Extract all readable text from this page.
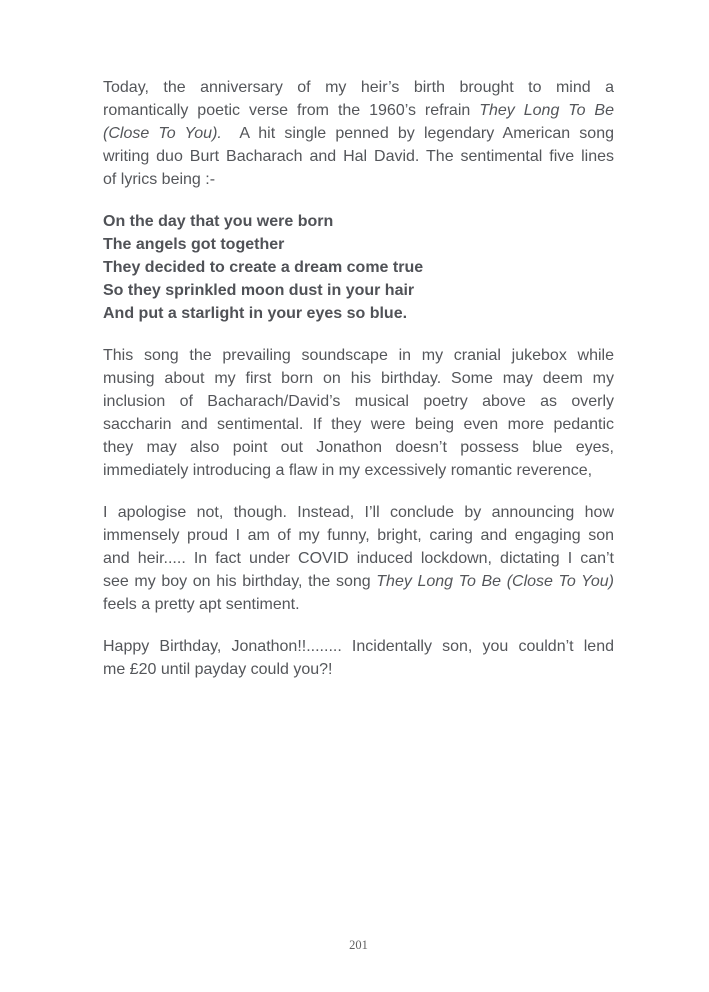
Today, the anniversary of my heir’s birth brought to mind a
romantically poetic verse from the 1960’s refrain They Long To Be
(Close To You).  A hit single penned by legendary American song
writing duo Burt Bacharach and Hal David. The sentimental five lines
of lyrics being :-
On the day that you were born
The angels got together
They decided to create a dream come true
So they sprinkled moon dust in your hair
And put a starlight in your eyes so blue.
This song the prevailing soundscape in my cranial jukebox while
musing about my first born on his birthday. Some may deem my
inclusion of Bacharach/David’s musical poetry above as overly
saccharin and sentimental. If they were being even more pedantic
they may also point out Jonathon doesn’t possess blue eyes,
immediately introducing a flaw in my excessively romantic reverence,
I apologise not, though. Instead, I’ll conclude by announcing how
immensely proud I am of my funny, bright, caring and engaging son
and heir..... In fact under COVID induced lockdown, dictating I can’t
see my boy on his birthday, the song They Long To Be (Close To You)
feels a pretty apt sentiment.
Happy Birthday, Jonathon!!........ Incidentally son, you couldn’t lend
me £20 until payday could you?!
201
